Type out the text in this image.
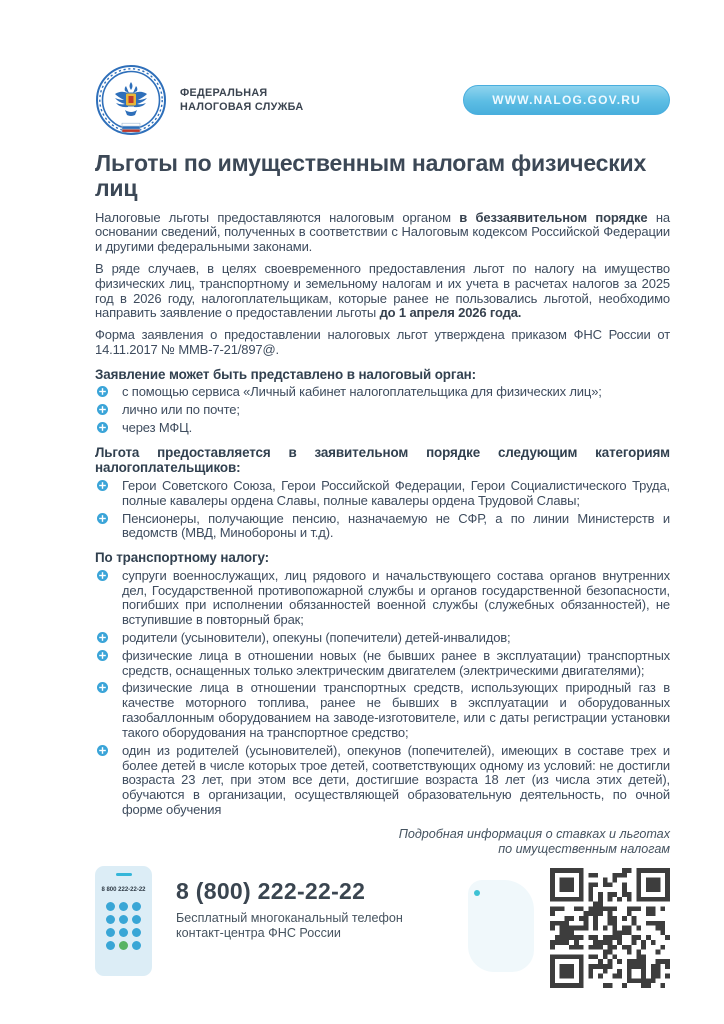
ФЕДЕРАЛЬНАЯ
НАЛОГОВАЯ СЛУЖБА	WWW.NALOG.GOV.RU
Льготы по имущественным налогам физических лиц

Налоговые льготы предоставляются налоговым органом в беззаявительном порядке на основании сведений, полученных в соответствии с Налоговым кодексом Российской Федерации и другими федеральными законами.

В ряде случаев, в целях своевременного предоставления льгот по налогу на имущество физических лиц, транспортному и земельному налогам и их учета в расчетах налогов за 2025 год в 2026 году, налогоплательщикам, которые ранее не пользовались льготой, необходимо направить заявление о предоставлении льготы до 1 апреля 2026 года.

Форма заявления о предоставлении налоговых льгот утверждена приказом ФНС России от 14.11.2017 № ММВ-7-21/897@.

Заявление может быть представлено в налоговый орган:
с помощью сервиса «Личный кабинет налогоплательщика для физических лиц»;
лично или по почте;
через МФЦ.
Льгота предоставляется в заявительном порядке следующим категориям налогоплательщиков:
Герои Советского Союза, Герои Российской Федерации, Герои Социалистического Труда, полные кавалеры ордена Славы, полные кавалеры ордена Трудовой Славы;
Пенсионеры, получающие пенсию, назначаемую не СФР, а по линии Министерств и ведомств (МВД, Минобороны и т.д).
По транспортному налогу:
супруги военнослужащих, лиц рядового и начальствующего состава органов внутренних дел, Государственной противопожарной службы и органов государственной безопасности, погибших при исполнении обязанностей военной службы (служебных обязанностей), не вступившие в повторный брак;
родители (усыновители), опекуны (попечители) детей-инвалидов;
физические лица в отношении новых (не бывших ранее в эксплуатации) транспортных средств, оснащенных только электрическим двигателем (электрическими двигателями);
физические лица в отношении транспортных средств, использующих природный газ в качестве моторного топлива, ранее не бывших в эксплуатации и оборудованных газобаллонным оборудованием на заводе-изготовителе, или с даты регистрации установки такого оборудования на транспортное средство;
один из родителей (усыновителей), опекунов (попечителей), имеющих в составе трех и более детей в числе которых трое детей, соответствующих одному из условий: не достигли возраста 23 лет, при этом все дети, достигшие возраста 18 лет (из числа этих детей), обучаются в организации, осуществляющей образовательную деятельность, по очной форме обучения
Подробная информация о ставках и льготах
по имущественным налогам
8 800 222-22-22 8 (800) 222-22-22
Бесплатный многоканальный телефон
контакт-центра ФНС России
